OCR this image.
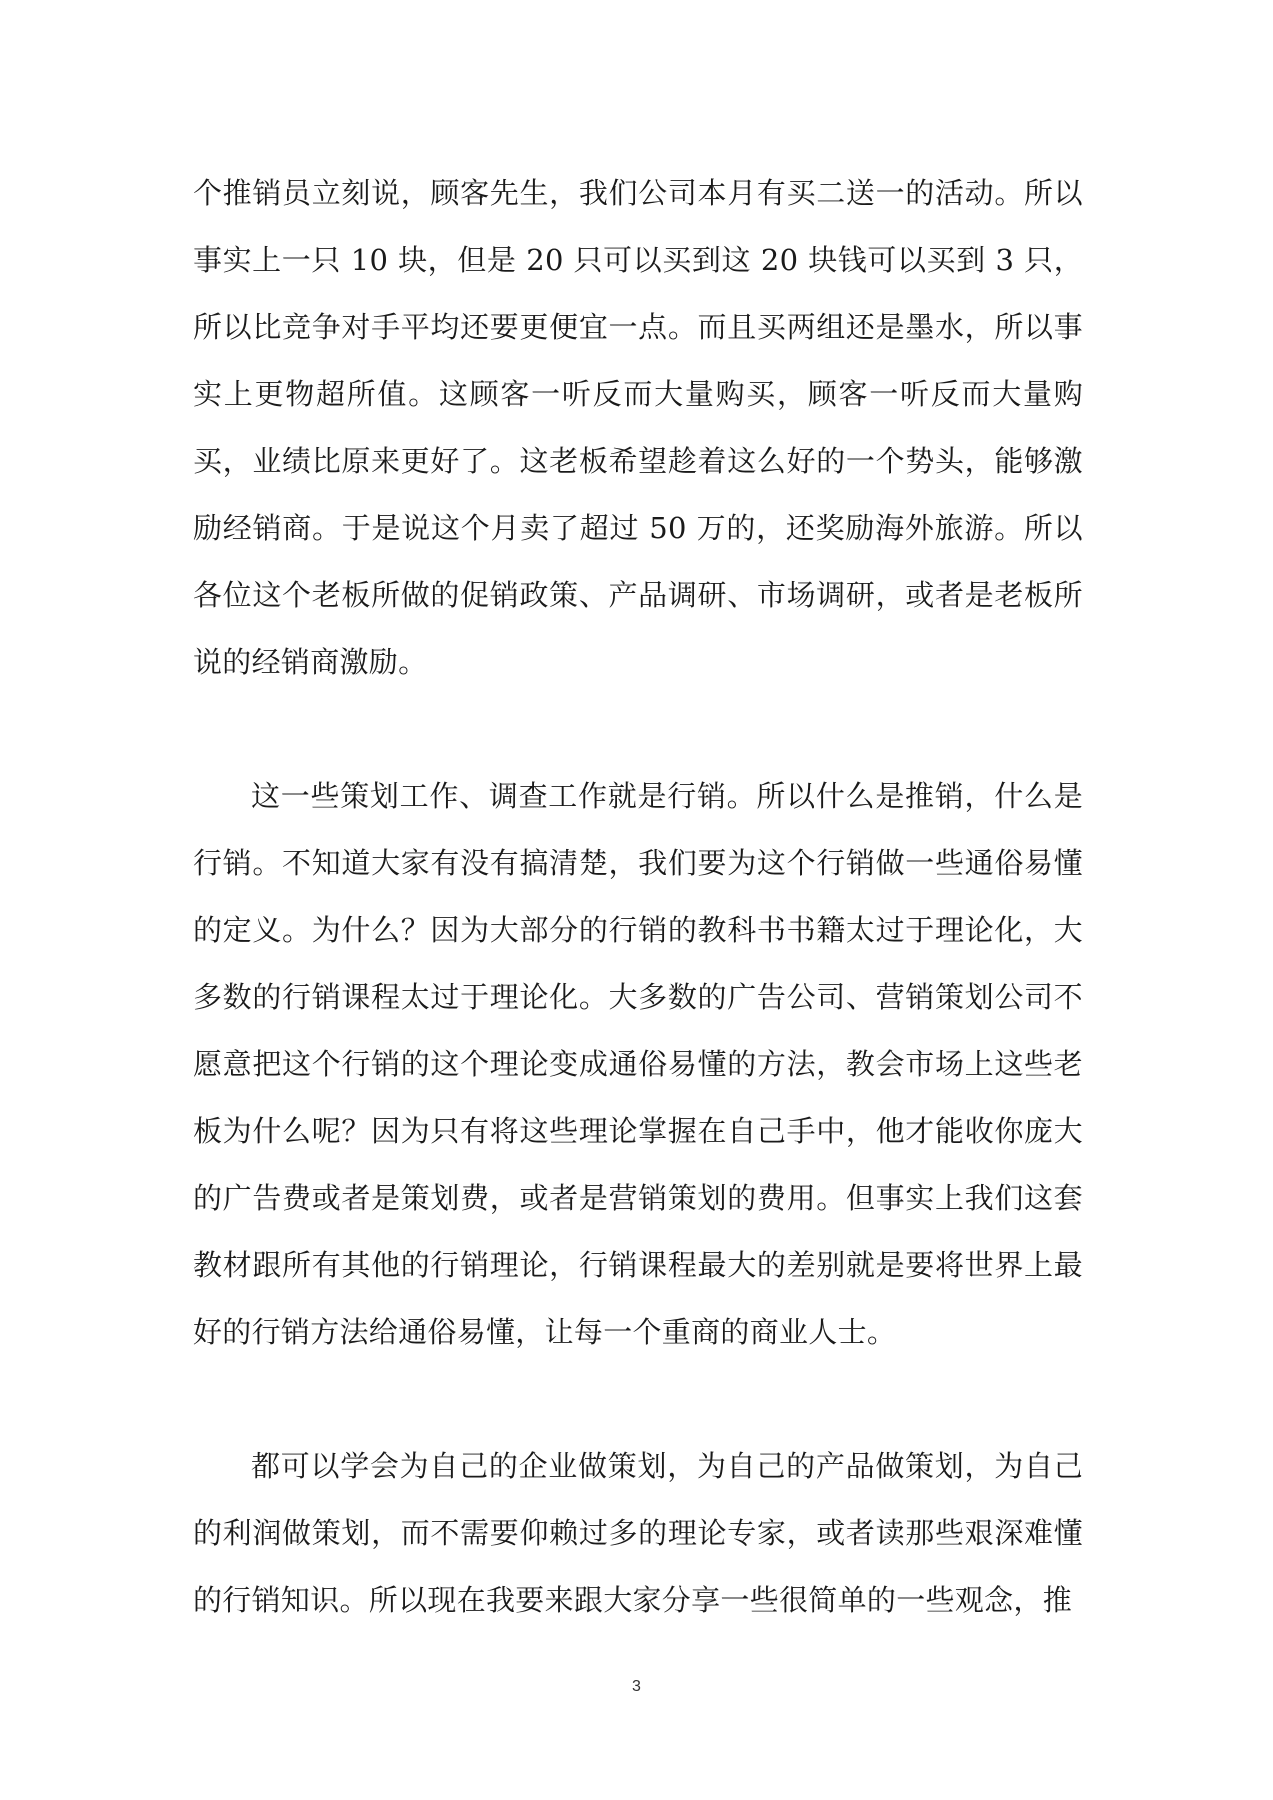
个推销员立刻说，顾客先生，我们公司本月有买二送一的活动。所以事实上一只 10 块，但是 20 只可以买到这 20 块钱可以买到 3 只，所以比竞争对手平均还要更便宜一点。而且买两组还是墨水，所以事实上更物超所值。这顾客一听反而大量购买，顾客一听反而大量购买，业绩比原来更好了。这老板希望趁着这么好的一个势头，能够激励经销商。于是说这个月卖了超过 50 万的，还奖励海外旅游。所以各位这个老板所做的促销政策、产品调研、市场调研，或者是老板所说的经销商激励。

这一些策划工作、调查工作就是行销。所以什么是推销，什么是行销。不知道大家有没有搞清楚，我们要为这个行销做一些通俗易懂的定义。为什么？因为大部分的行销的教科书书籍太过于理论化，大多数的行销课程太过于理论化。大多数的广告公司、营销策划公司不愿意把这个行销的这个理论变成通俗易懂的方法，教会市场上这些老板为什么呢？因为只有将这些理论掌握在自己手中，他才能收你庞大的广告费或者是策划费，或者是营销策划的费用。但事实上我们这套教材跟所有其他的行销理论，行销课程最大的差别就是要将世界上最好的行销方法给通俗易懂，让每一个重商的商业人士。

都可以学会为自己的企业做策划，为自己的产品做策划，为自己的利润做策划，而不需要仰赖过多的理论专家，或者读那些艰深难懂的行销知识。所以现在我要来跟大家分享一些很简单的一些观念，推

3
